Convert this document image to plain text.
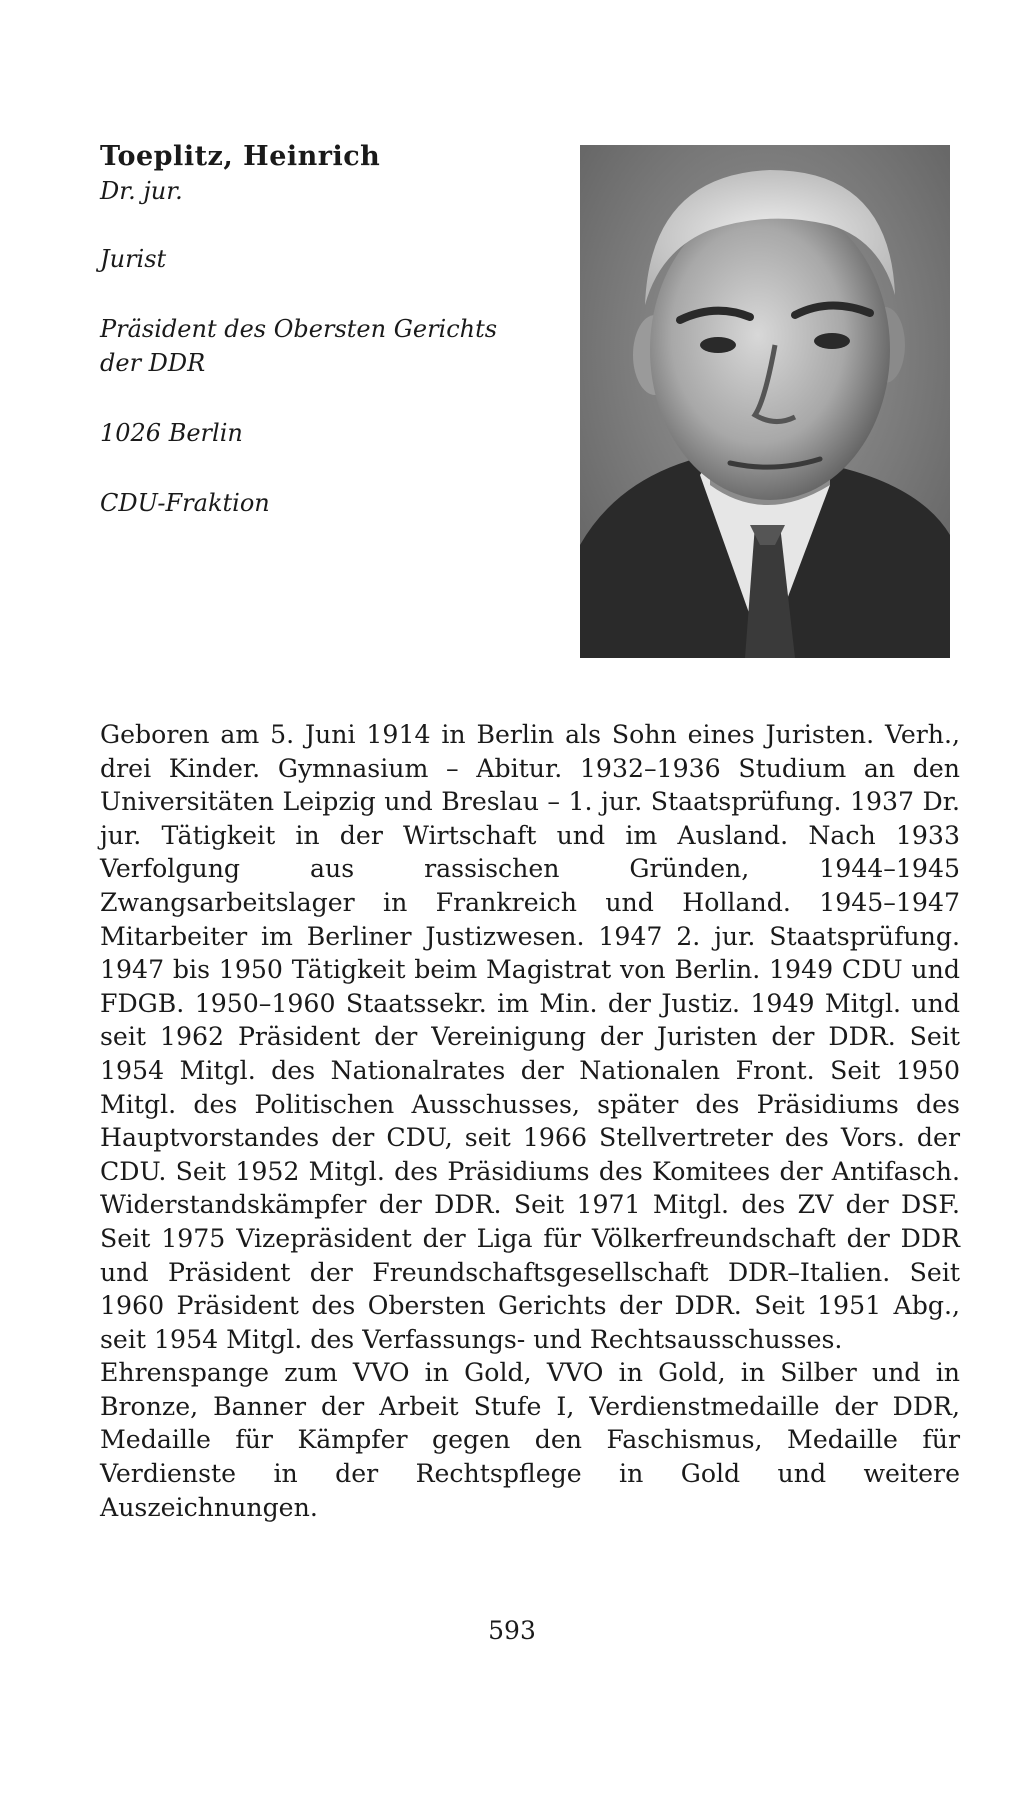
Toeplitz, Heinrich

Dr. jur.

Jurist

Präsident des Obersten Gerichts

der DDR

1026 Berlin

CDU-Fraktion

Geboren am 5. Juni 1914 in Berlin als Sohn eines Juristen. Verh., drei Kinder. Gymnasium – Abitur. 1932–1936 Studium an den Universitäten Leipzig und Breslau – 1. jur. Staatsprüfung. 1937 Dr. jur. Tätigkeit in der Wirtschaft und im Ausland. Nach 1933 Verfolgung aus rassischen Gründen, 1944–1945 Zwangsarbeitslager in Frankreich und Holland. 1945–1947 Mitarbeiter im Berliner Justizwesen. 1947 2. jur. Staatsprüfung. 1947 bis 1950 Tätigkeit beim Magistrat von Berlin. 1949 CDU und FDGB. 1950–1960 Staatssekr. im Min. der Justiz. 1949 Mitgl. und seit 1962 Präsident der Vereinigung der Juristen der DDR. Seit 1954 Mitgl. des Nationalrates der Nationalen Front. Seit 1950 Mitgl. des Politischen Ausschusses, später des Präsidiums des Hauptvorstandes der CDU, seit 1966 Stellvertreter des Vors. der CDU. Seit 1952 Mitgl. des Präsidiums des Komitees der Antifasch. Widerstandskämpfer der DDR. Seit 1971 Mitgl. des ZV der DSF. Seit 1975 Vizepräsident der Liga für Völkerfreundschaft der DDR und Präsident der Freundschaftsgesellschaft DDR–Italien. Seit 1960 Präsident des Obersten Gerichts der DDR. Seit 1951 Abg., seit 1954 Mitgl. des Verfassungs- und Rechtsausschusses.

Ehrenspange zum VVO in Gold, VVO in Gold, in Silber und in Bronze, Banner der Arbeit Stufe I, Verdienstmedaille der DDR, Medaille für Kämpfer gegen den Faschismus, Medaille für Verdienste in der Rechtspflege in Gold und weitere Auszeichnungen.

593
